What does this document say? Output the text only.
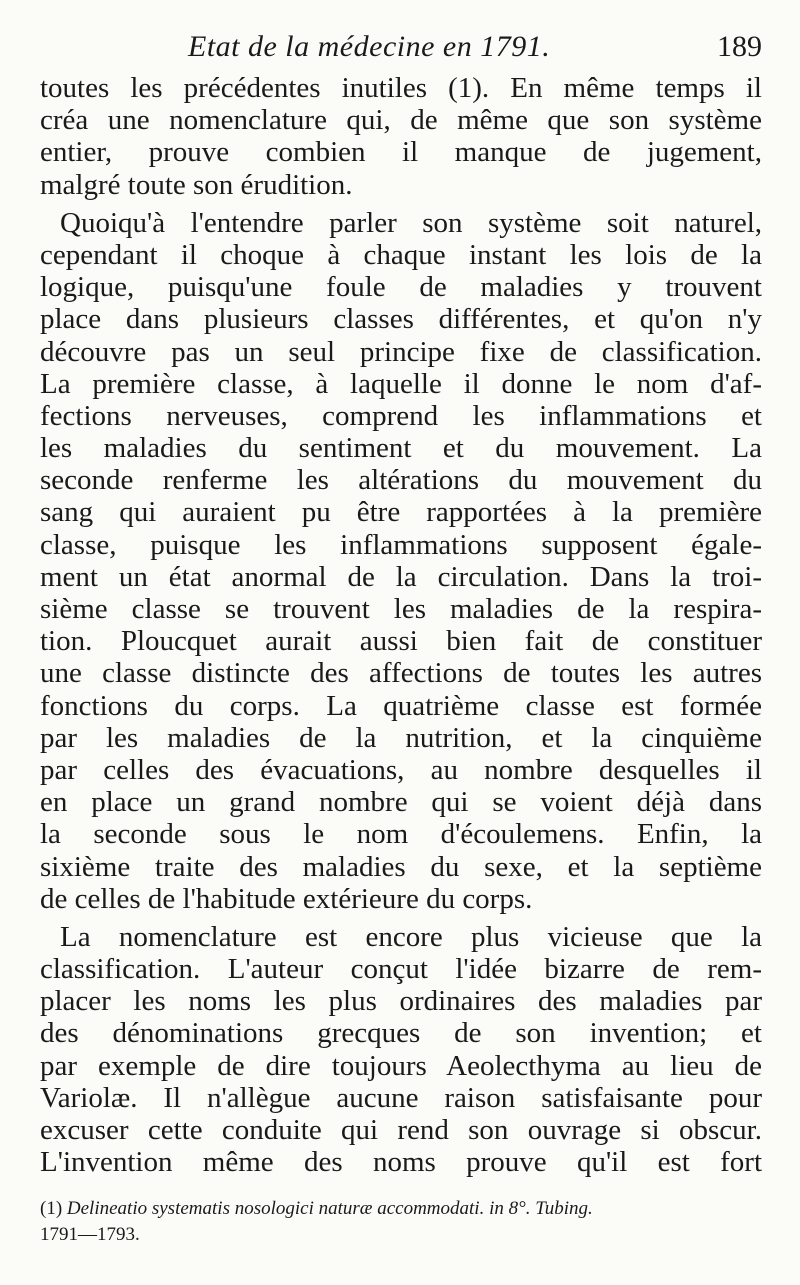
Etat de la médecine en 1791.	189
toutes les précédentes inutiles (1). En même temps il
créa une nomenclature qui, de même que son système
entier, prouve combien il manque de jugement,
malgré toute son érudition.
Quoiqu'à l'entendre parler son système soit naturel,
cependant il choque à chaque instant les lois de la
logique, puisqu'une foule de maladies y trouvent
place dans plusieurs classes différentes, et qu'on n'y
découvre pas un seul principe fixe de classification.
La première classe, à laquelle il donne le nom d'af-
fections nerveuses, comprend les inflammations et
les maladies du sentiment et du mouvement. La
seconde renferme les altérations du mouvement du
sang qui auraient pu être rapportées à la première
classe, puisque les inflammations supposent égale-
ment un état anormal de la circulation. Dans la troi-
sième classe se trouvent les maladies de la respira-
tion. Ploucquet aurait aussi bien fait de constituer
une classe distincte des affections de toutes les autres
fonctions du corps. La quatrième classe est formée
par les maladies de la nutrition, et la cinquième
par celles des évacuations, au nombre desquelles il
en place un grand nombre qui se voient déjà dans
la seconde sous le nom d'écoulemens. Enfin, la
sixième traite des maladies du sexe, et la septième
de celles de l'habitude extérieure du corps.
La nomenclature est encore plus vicieuse que la
classification. L'auteur conçut l'idée bizarre de rem-
placer les noms les plus ordinaires des maladies par
des dénominations grecques de son invention; et
par exemple de dire toujours Aeolecthyma au lieu de
Variolæ. Il n'allègue aucune raison satisfaisante pour
excuser cette conduite qui rend son ouvrage si obscur.
L'invention même des noms prouve qu'il est fort
(1) Delineatio systematis nosologici naturæ accommodati. in 8°. Tubing.
1791—1793.
